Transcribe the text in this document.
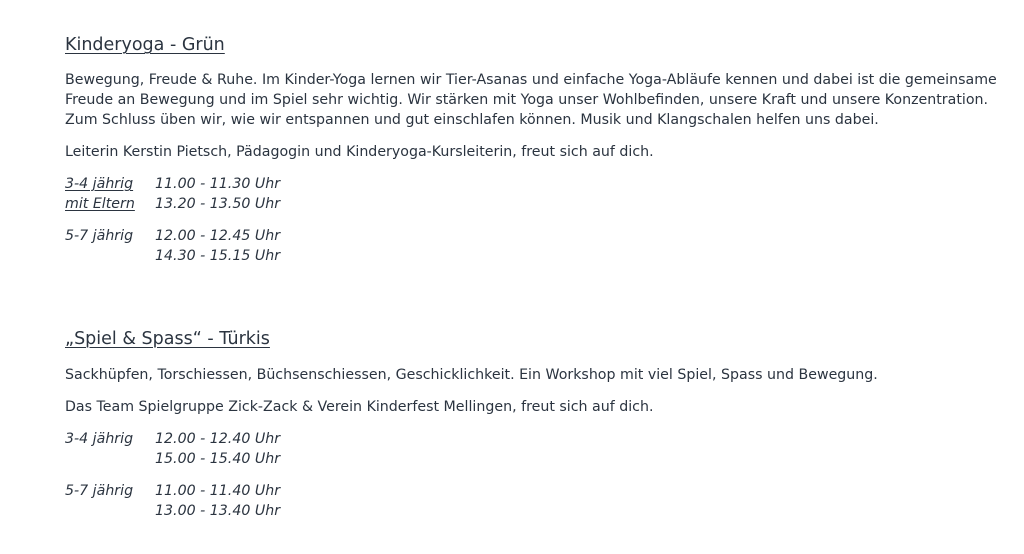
Kinderyoga - Grün

Bewegung, Freude & Ruhe. Im Kinder-Yoga lernen wir Tier-Asanas und einfache Yoga-Abläufe kennen und dabei ist die gemeinsame

Freude an Bewegung und im Spiel sehr wichtig. Wir stärken mit Yoga unser Wohlbefinden, unsere Kraft und unsere Konzentration.

Zum Schluss üben wir, wie wir entspannen und gut einschlafen können. Musik und Klangschalen helfen uns dabei.

Leiterin Kerstin Pietsch, Pädagogin und Kinderyoga-Kursleiterin, freut sich auf dich.

3-4 jährig 11.00 - 11.30 Uhr
mit Eltern 13.20 - 13.50 Uhr
5-7 jährig 12.00 - 12.45 Uhr
14.30 - 15.15 Uhr
„Spiel & Spass“ - Türkis

Sackhüpfen, Torschiessen, Büchsenschiessen, Geschicklichkeit. Ein Workshop mit viel Spiel, Spass und Bewegung.

Das Team Spielgruppe Zick-Zack & Verein Kinderfest Mellingen, freut sich auf dich.

3-4 jährig 12.00 - 12.40 Uhr
15.00 - 15.40 Uhr
5-7 jährig 11.00 - 11.40 Uhr
13.00 - 13.40 Uhr
